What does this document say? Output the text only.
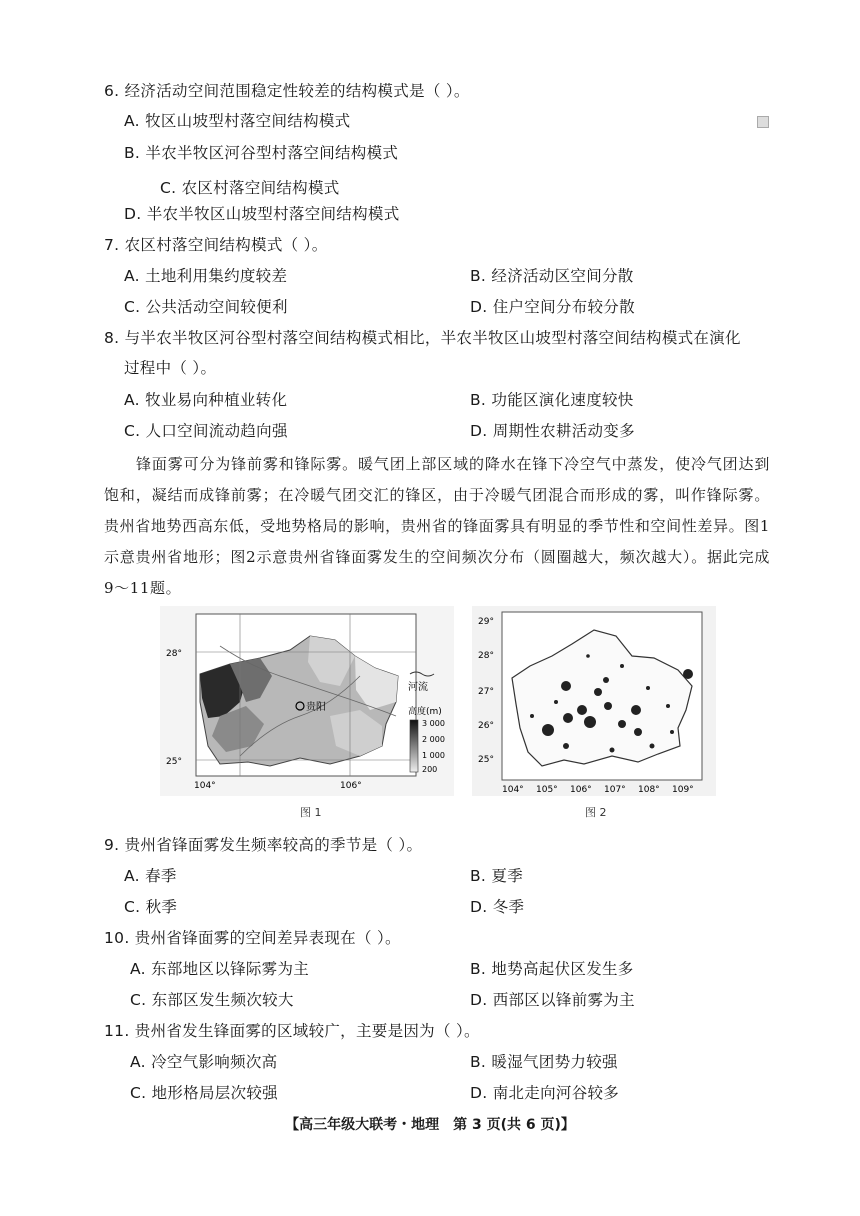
6. 经济活动空间范围稳定性较差的结构模式是（ ）。
A. 牧区山坡型村落空间结构模式
B. 半农半牧区河谷型村落空间结构模式
C. 农区村落空间结构模式
D. 半农半牧区山坡型村落空间结构模式
7. 农区村落空间结构模式（ ）。
A. 土地利用集约度较差	B. 经济活动区空间分散
C. 公共活动空间较便利	D. 住户空间分布较分散
8. 与半农半牧区河谷型村落空间结构模式相比，半农半牧区山坡型村落空间结构模式在演化
过程中（ ）。
A. 牧业易向种植业转化	B. 功能区演化速度较快
C. 人口空间流动趋向强	D. 周期性农耕活动变多
锋面雾可分为锋前雾和锋际雾。暖气团上部区域的降水在锋下冷空气中蒸发，使冷气团达到饱和，凝结而成锋前雾；在冷暖气团交汇的锋区，由于冷暖气团混合而形成的雾，叫作锋际雾。贵州省地势西高东低，受地势格局的影响，贵州省的锋面雾具有明显的季节性和空间性差异。图1示意贵州省地形；图2示意贵州省锋面雾发生的空间频次分布（圆圈越大，频次越大）。据此完成9～11题。
贵阳
河流
高度(m)
3 000
2 000
1 000
200
28°
25°
104°	106°
图 1
29°
28°
27°
26°
25°
104° 105° 106° 107° 108° 109°
图 2
9. 贵州省锋面雾发生频率较高的季节是（ ）。
A. 春季	B. 夏季
C. 秋季	D. 冬季
10. 贵州省锋面雾的空间差异表现在（ ）。
A. 东部地区以锋际雾为主	B. 地势高起伏区发生多
C. 东部区发生频次较大	D. 西部区以锋前雾为主
11. 贵州省发生锋面雾的区域较广，主要是因为（ ）。
A. 冷空气影响频次高	B. 暖湿气团势力较强
C. 地形格局层次较强	D. 南北走向河谷较多
【高三年级大联考・地理　第 3 页(共 6 页)】
